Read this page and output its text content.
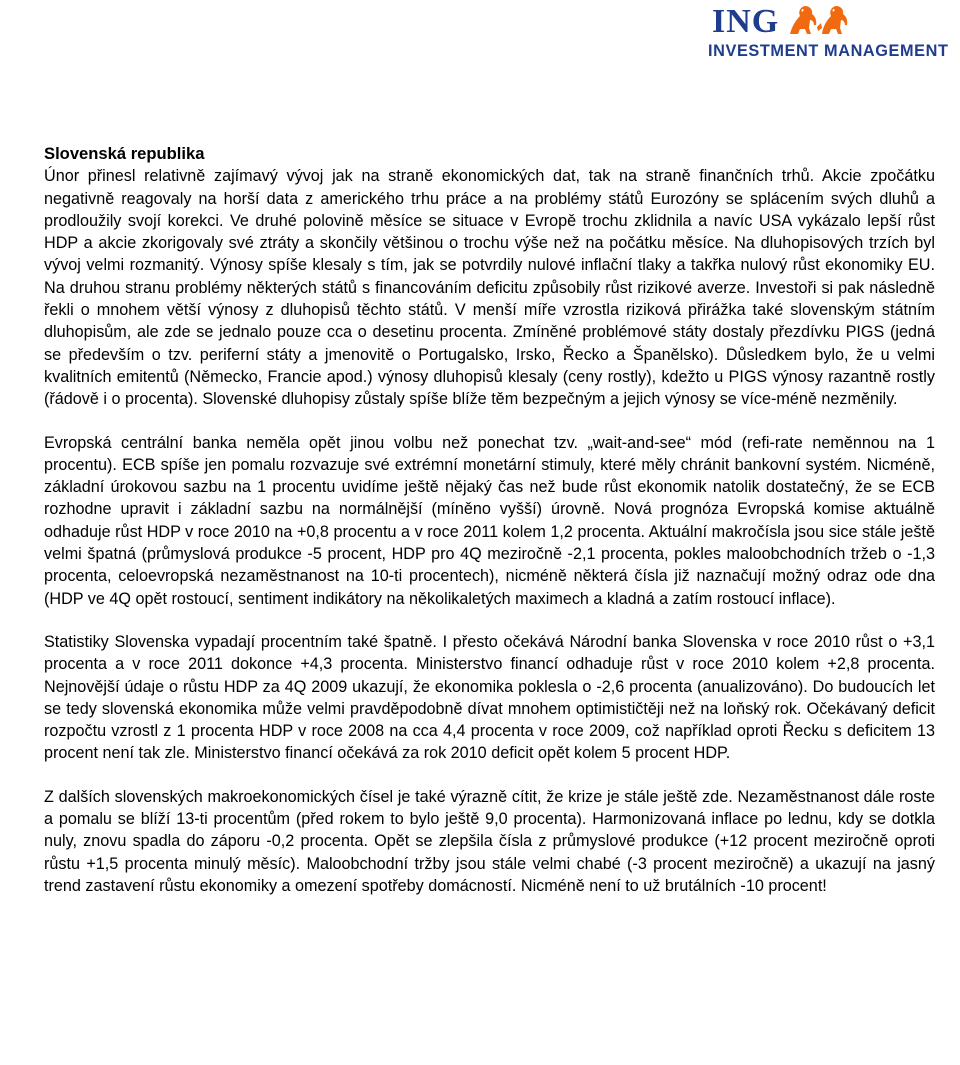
ING
INVESTMENT MANAGEMENT

Slovenská republika

Únor přinesl relativně zajímavý vývoj jak na straně ekonomických dat, tak na straně finančních trhů. Akcie zpočátku negativně reagovaly na horší data z amerického trhu práce a na problémy států Eurozóny se splácením svých dluhů a prodloužily svojí korekci. Ve druhé polovině měsíce se situace v Evropě trochu zklidnila a navíc USA vykázalo lepší růst HDP a akcie zkorigovaly své ztráty a skončily většinou o trochu výše než na počátku měsíce. Na dluhopisových trzích byl vývoj velmi rozmanitý. Výnosy spíše klesaly s tím, jak se potvrdily nulové inflační tlaky a takřka nulový růst ekonomiky EU. Na druhou stranu problémy některých států s financováním deficitu způsobily růst rizikové averze. Investoři si pak následně řekli o mnohem větší výnosy z dluhopisů těchto států. V menší míře vzrostla riziková přirážka také slovenským státním dluhopisům, ale zde se jednalo pouze cca o desetinu procenta. Zmíněné problémové státy dostaly přezdívku PIGS (jedná se především o tzv. periferní státy a jmenovitě o Portugalsko, Irsko, Řecko a Španělsko). Důsledkem bylo, že u velmi kvalitních emitentů (Německo, Francie apod.) výnosy dluhopisů klesaly (ceny rostly), kdežto u PIGS výnosy razantně rostly (řádově i o procenta). Slovenské dluhopisy zůstaly spíše blíže těm bezpečným a jejich výnosy se více-méně nezměnily.

Evropská centrální banka neměla opět jinou volbu než ponechat tzv. „wait-and-see“ mód (refi-rate neměnnou na 1 procentu). ECB spíše jen pomalu rozvazuje své extrémní monetární stimuly, které měly chránit bankovní systém. Nicméně, základní úrokovou sazbu na 1 procentu uvidíme ještě nějaký čas než bude růst ekonomik natolik dostatečný, že se ECB rozhodne upravit i základní sazbu na normálnější (míněno vyšší) úrovně. Nová prognóza Evropská komise aktuálně odhaduje růst HDP v roce 2010 na +0,8 procentu a v roce 2011 kolem 1,2 procenta. Aktuální makročísla jsou sice stále ještě velmi špatná (průmyslová produkce -5 procent, HDP pro 4Q meziročně -2,1 procenta, pokles maloobchodních tržeb o -1,3 procenta, celoevropská nezaměstnanost na 10-ti procentech), nicméně některá čísla již naznačují možný odraz ode dna (HDP ve 4Q opět rostoucí, sentiment indikátory na několikaletých maximech a kladná a zatím rostoucí inflace).

Statistiky Slovenska vypadají procentním také špatně. I přesto očekává Národní banka Slovenska v roce 2010 růst o +3,1 procenta a v roce 2011 dokonce +4,3 procenta. Ministerstvo financí odhaduje růst v roce 2010 kolem +2,8 procenta. Nejnovější údaje o růstu HDP za 4Q 2009 ukazují, že ekonomika poklesla o -2,6 procenta (anualizováno). Do budoucích let se tedy slovenská ekonomika může velmi pravděpodobně dívat mnohem optimističtěji než na loňský rok. Očekávaný deficit rozpočtu vzrostl z 1 procenta HDP v roce 2008 na cca 4,4 procenta v roce 2009, což například oproti Řecku s deficitem 13 procent není tak zle. Ministerstvo financí očekává za rok 2010 deficit opět kolem 5 procent HDP.

Z dalších slovenských makroekonomických čísel je také výrazně cítit, že krize je stále ještě zde. Nezaměstnanost dále roste a pomalu se blíží 13-ti procentům (před rokem to bylo ještě 9,0 procenta). Harmonizovaná inflace po lednu, kdy se dotkla nuly, znovu spadla do záporu -0,2 procenta. Opět se zlepšila čísla z průmyslové produkce (+12 procent meziročně oproti růstu +1,5 procenta minulý měsíc). Maloobchodní tržby jsou stále velmi chabé (-3 procent meziročně) a ukazují na jasný trend zastavení růstu ekonomiky a omezení spotřeby domácností. Nicméně není to už brutálních -10 procent!
